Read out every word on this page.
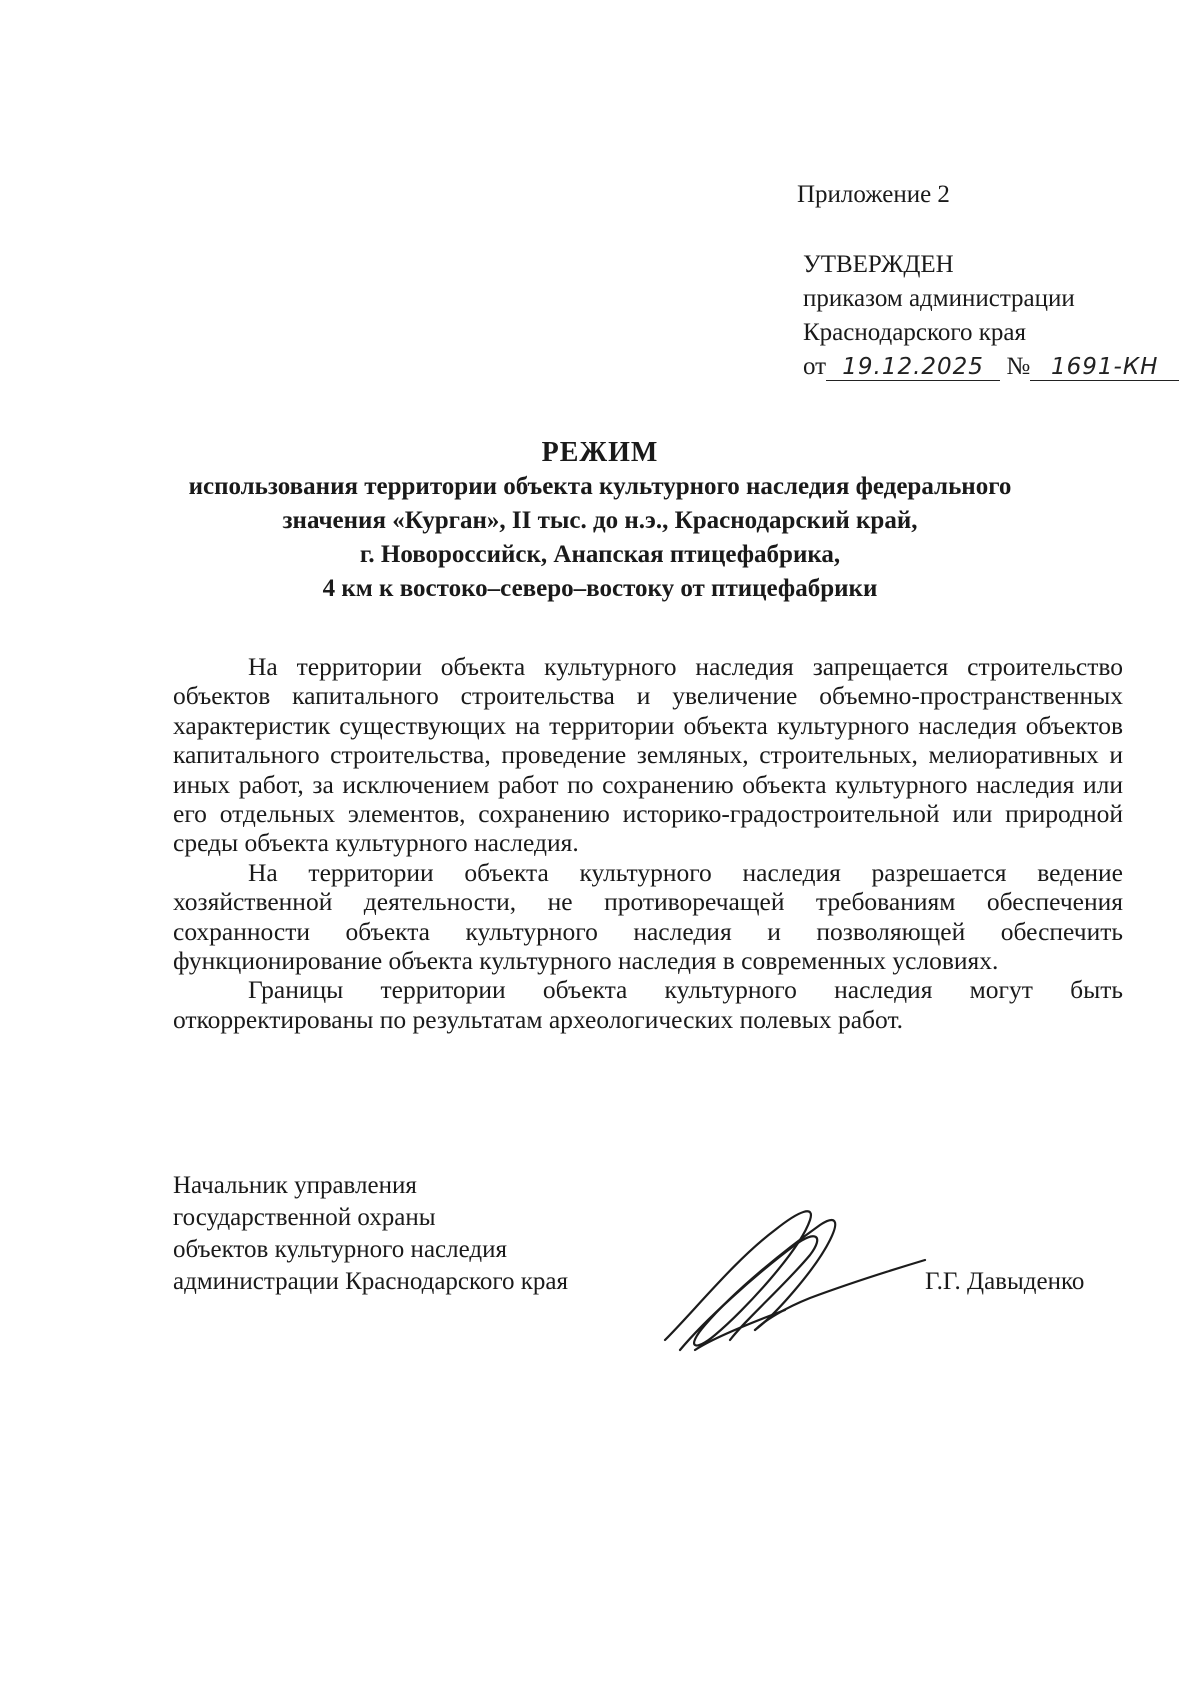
Приложение 2
УТВЕРЖДЕН
приказом администрации
Краснодарского края
от 19.12.2025 № 1691-КН
РЕЖИМ
использования территории объекта культурного наследия федерального
значения «Курган», II тыс. до н.э., Краснодарский край,
г. Новороссийск, Анапская птицефабрика,
4 км к востоко–северо–востоку от птицефабрики

На территории объекта культурного наследия запрещается строительство объектов капитального строительства и увеличение объемно-пространственных характеристик существующих на территории объекта культурного наследия объектов капитального строительства, проведение земляных, строительных, мелиоративных и иных работ, за исключением работ по сохранению объекта культурного наследия или его отдельных элементов, сохранению историко-градостроительной или природной среды объекта культурного наследия.

На территории объекта культурного наследия разрешается ведение хозяйственной деятельности, не противоречащей требованиям обеспечения сохранности объекта культурного наследия и позволяющей обеспечить функционирование объекта культурного наследия в современных условиях.

Границы территории объекта культурного наследия могут быть откорректированы по результатам археологических полевых работ.

Начальник управления
государственной охраны
объектов культурного наследия
администрации Краснодарского края	Г.Г. Давыденко
